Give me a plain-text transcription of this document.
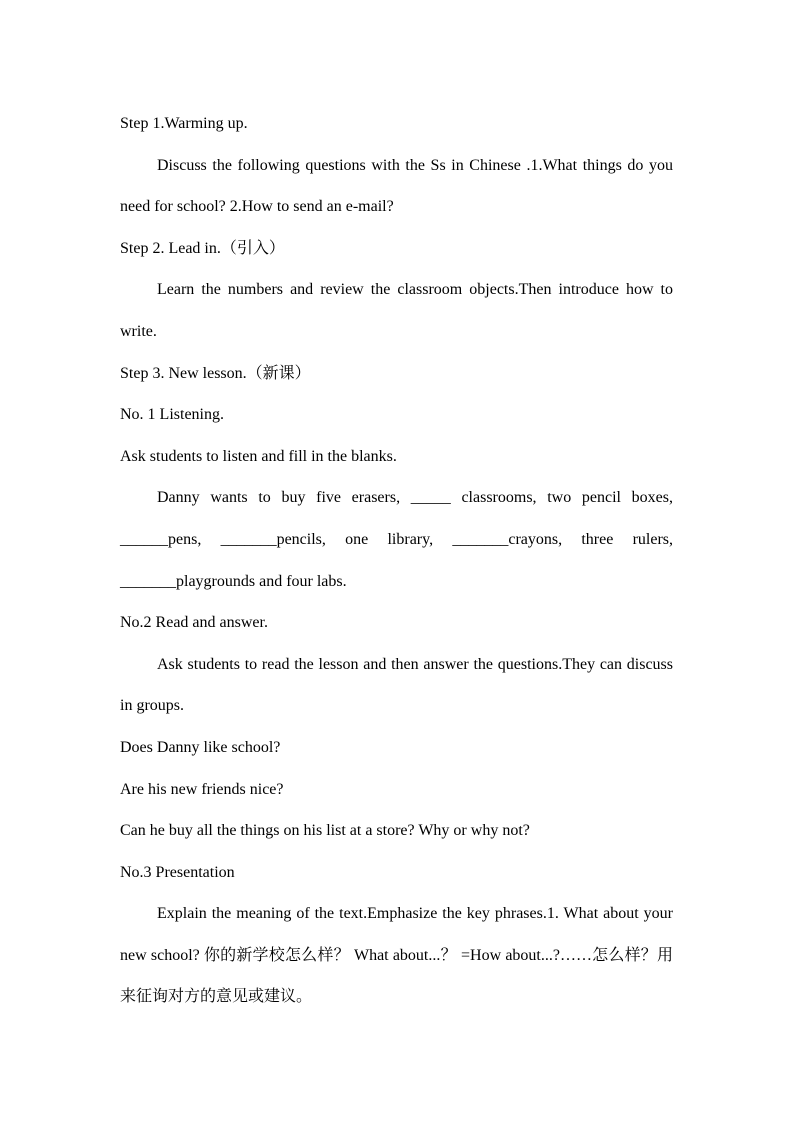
Step 1.Warming up.
Discuss the following questions with the Ss in Chinese .1.What things do you need for school? 2.How to send an e-mail?
Step 2. Lead in.（引入）
Learn the numbers and review the classroom objects.Then introduce how to write.
Step 3. New lesson.（新课）
No. 1 Listening.
Ask students to listen and fill in the blanks.
Danny wants to buy five erasers, _____ classrooms, two pencil boxes, ______pens, _______pencils, one library, _______crayons, three rulers, _______playgrounds and four labs.
No.2 Read and answer.
Ask students to read the lesson and then answer the questions.They can discuss in groups.
Does Danny like school?
Are his new friends nice?
Can he buy all the things on his list at a store? Why or why not?
No.3 Presentation
Explain the meaning of the text.Emphasize the key phrases.1. What about your new school? 你的新学校怎么样？ What about...？ =How about...?……怎么样？用来征询对方的意见或建议。
